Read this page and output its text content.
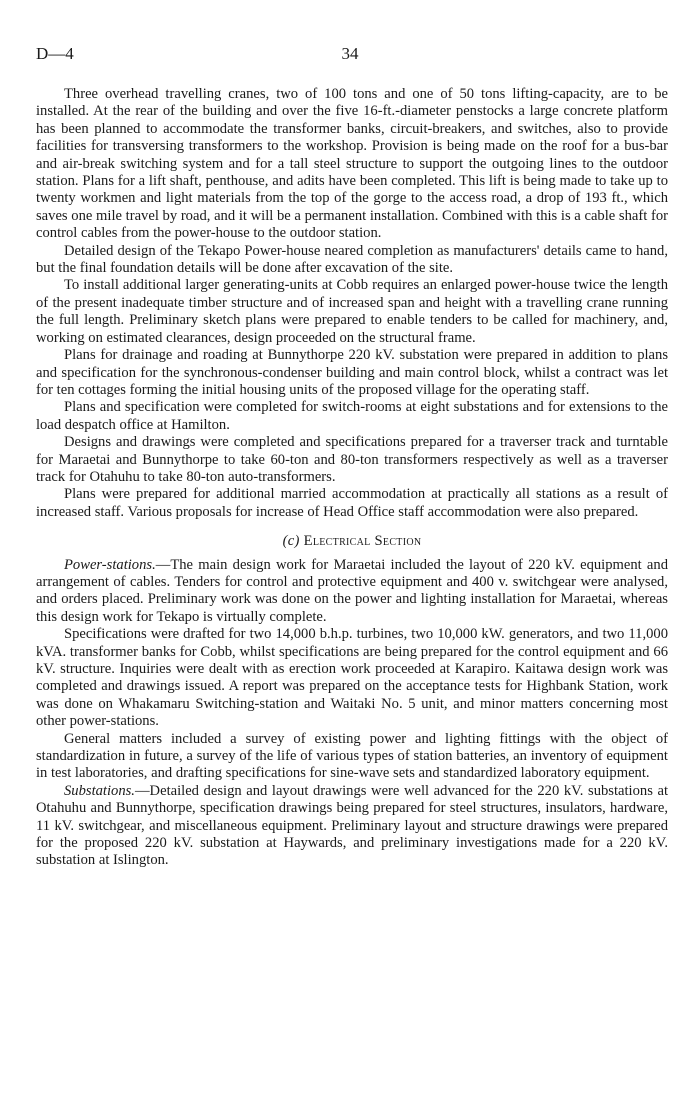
D—4	34

Three overhead travelling cranes, two of 100 tons and one of 50 tons lifting-capacity, are to be installed. At the rear of the building and over the five 16-ft.-diameter penstocks a large concrete platform has been planned to accommodate the transformer banks, circuit-breakers, and switches, also to provide facilities for transversing transformers to the workshop. Provision is being made on the roof for a bus-bar and air-break switching system and for a tall steel structure to support the outgoing lines to the outdoor station. Plans for a lift shaft, penthouse, and adits have been completed. This lift is being made to take up to twenty workmen and light materials from the top of the gorge to the access road, a drop of 193 ft., which saves one mile travel by road, and it will be a permanent installation. Combined with this is a cable shaft for control cables from the power-house to the outdoor station.

Detailed design of the Tekapo Power-house neared completion as manufacturers' details came to hand, but the final foundation details will be done after excavation of the site.

To install additional larger generating-units at Cobb requires an enlarged power-house twice the length of the present inadequate timber structure and of increased span and height with a travelling crane running the full length. Preliminary sketch plans were prepared to enable tenders to be called for machinery, and, working on estimated clearances, design proceeded on the structural frame.

Plans for drainage and roading at Bunnythorpe 220 kV. substation were prepared in addition to plans and specification for the synchronous-condenser building and main control block, whilst a contract was let for ten cottages forming the initial housing units of the proposed village for the operating staff.

Plans and specification were completed for switch-rooms at eight substations and for extensions to the load despatch office at Hamilton.

Designs and drawings were completed and specifications prepared for a traverser track and turntable for Maraetai and Bunnythorpe to take 60-ton and 80-ton transformers respectively as well as a traverser track for Otahuhu to take 80-ton auto-transformers.

Plans were prepared for additional married accommodation at practically all stations as a result of increased staff. Various proposals for increase of Head Office staff accommodation were also prepared.

(c) Electrical Section

Power-stations.—The main design work for Maraetai included the layout of 220 kV. equipment and arrangement of cables. Tenders for control and protective equipment and 400 v. switchgear were analysed, and orders placed. Preliminary work was done on the power and lighting installation for Maraetai, whereas this design work for Tekapo is virtually complete.

Specifications were drafted for two 14,000 b.h.p. turbines, two 10,000 kW. generators, and two 11,000 kVA. transformer banks for Cobb, whilst specifications are being prepared for the control equipment and 66 kV. structure. Inquiries were dealt with as erection work proceeded at Karapiro. Kaitawa design work was completed and drawings issued. A report was prepared on the acceptance tests for Highbank Station, work was done on Whakamaru Switching-station and Waitaki No. 5 unit, and minor matters concerning most other power-stations.

General matters included a survey of existing power and lighting fittings with the object of standardization in future, a survey of the life of various types of station batteries, an inventory of equipment in test laboratories, and drafting specifications for sine-wave sets and standardized laboratory equipment.

Substations.—Detailed design and layout drawings were well advanced for the 220 kV. substations at Otahuhu and Bunnythorpe, specification drawings being prepared for steel structures, insulators, hardware, 11 kV. switchgear, and miscellaneous equipment. Preliminary layout and structure drawings were prepared for the proposed 220 kV. substation at Haywards, and preliminary investigations made for a 220 kV. substation at Islington.
